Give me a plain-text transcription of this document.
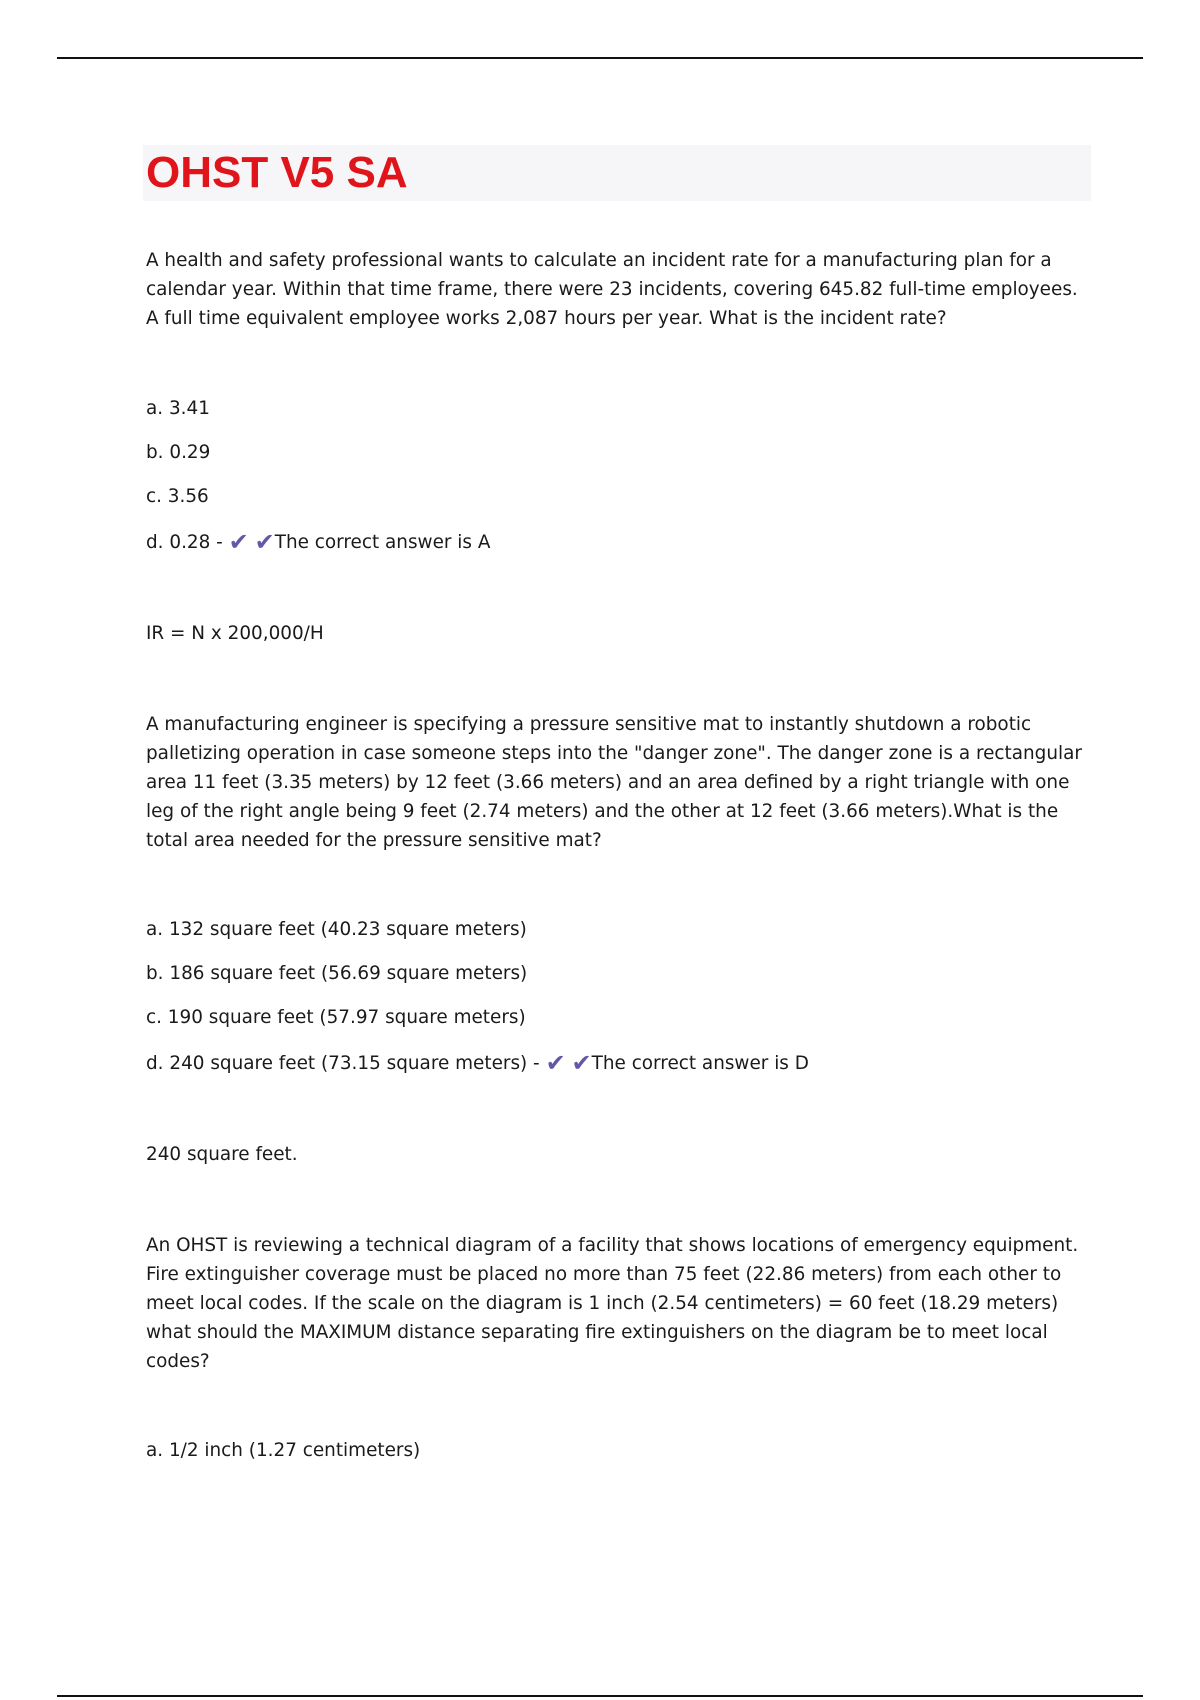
OHST V5 SA

A health and safety professional wants to calculate an incident rate for a manufacturing plan for a calendar year. Within that time frame, there were 23 incidents, covering 645.82 full-time employees. A full time equivalent employee works 2,087 hours per year. What is the incident rate?

a. 3.41

b. 0.29

c. 3.56

d. 0.28 - ✔ ✔The correct answer is A

IR = N x 200,000/H

A manufacturing engineer is specifying a pressure sensitive mat to instantly shutdown a robotic palletizing operation in case someone steps into the "danger zone". The danger zone is a rectangular area 11 feet (3.35 meters) by 12 feet (3.66 meters) and an area defined by a right triangle with one leg of the right angle being 9 feet (2.74 meters) and the other at 12 feet (3.66 meters).What is the total area needed for the pressure sensitive mat?

a. 132 square feet (40.23 square meters)

b. 186 square feet (56.69 square meters)

c. 190 square feet (57.97 square meters)

d. 240 square feet (73.15 square meters) - ✔ ✔The correct answer is D

240 square feet.

An OHST is reviewing a technical diagram of a facility that shows locations of emergency equipment. Fire extinguisher coverage must be placed no more than 75 feet (22.86 meters) from each other to meet local codes. If the scale on the diagram is 1 inch (2.54 centimeters) = 60 feet (18.29 meters) what should the MAXIMUM distance separating fire extinguishers on the diagram be to meet local codes?

a. 1/2 inch (1.27 centimeters)
